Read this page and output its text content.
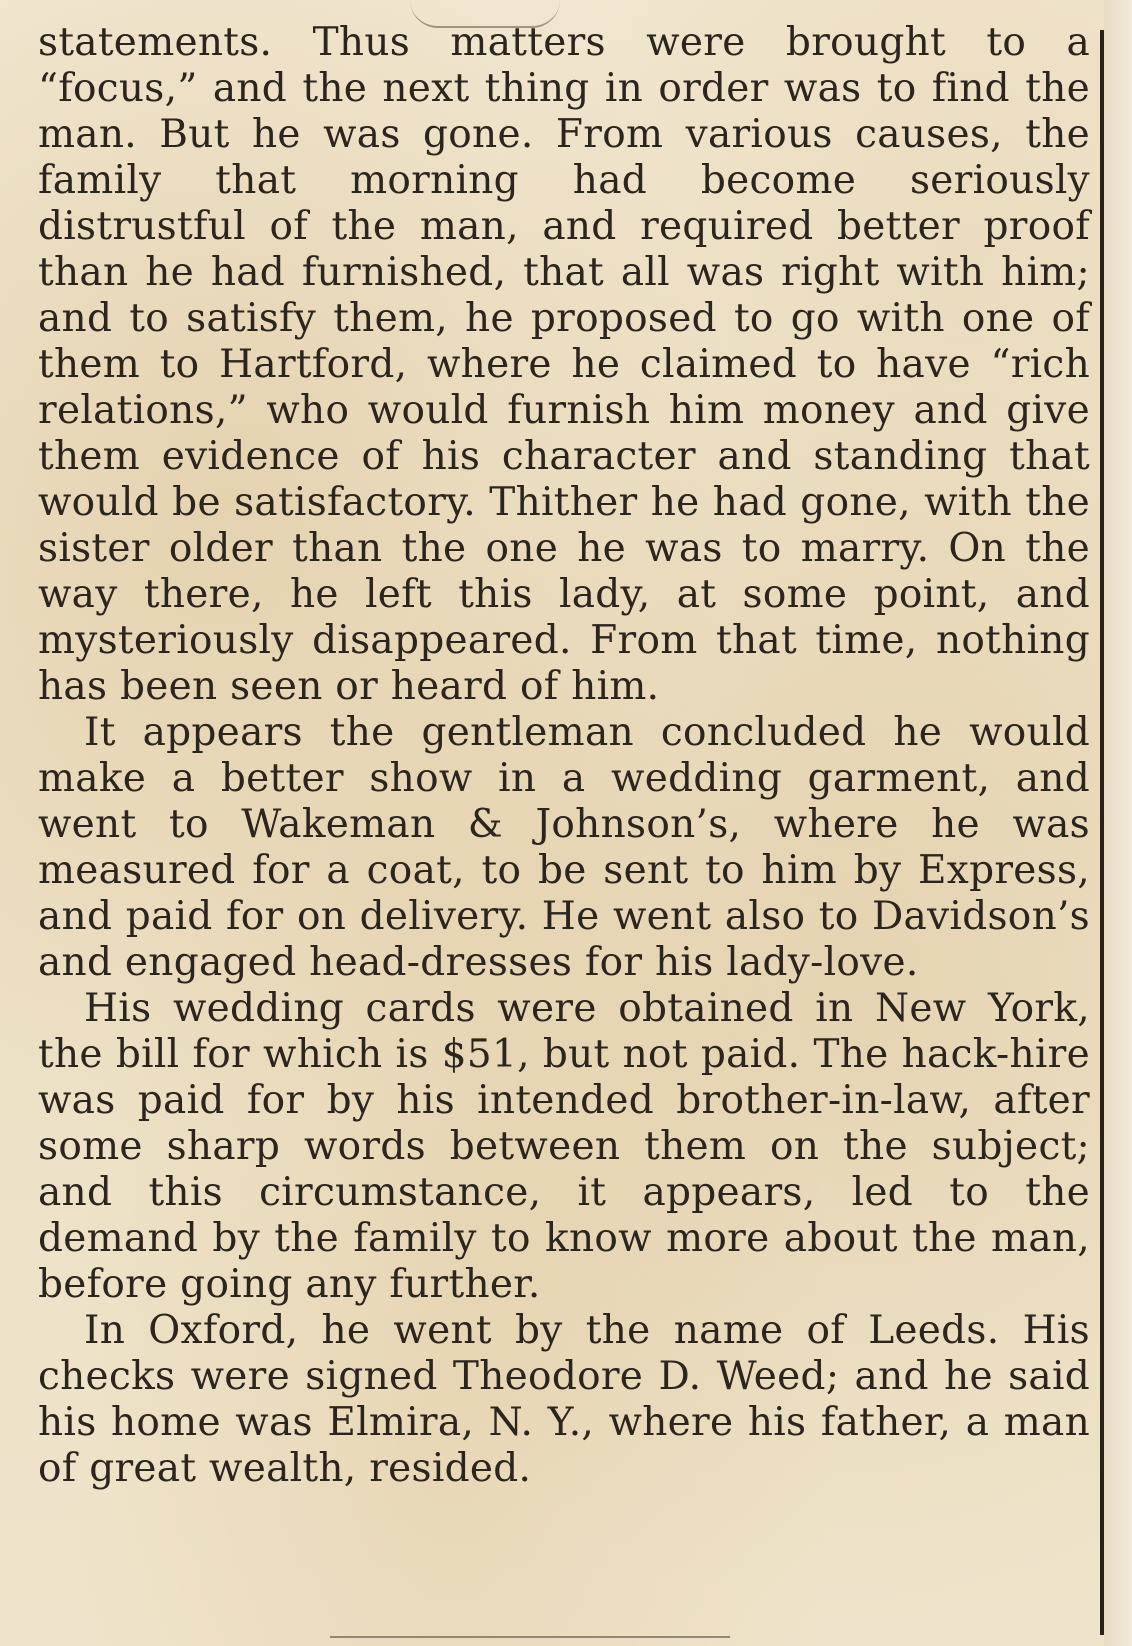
statements. Thus matters were brought to a “focus,” and the next thing in order was to find the man. But he was gone. From various causes, the family that morning had become seriously distrustful of the man, and required better proof than he had furnished, that all was right with him; and to satisfy them, he proposed to go with one of them to Hartford, where he claimed to have “rich relations,” who would furnish him money and give them evidence of his character and standing that would be satisfactory. Thither he had gone, with the sister older than the one he was to marry. On the way there, he left this lady, at some point, and mysteriously disappeared. From that time, nothing has been seen or heard of him.

It appears the gentleman concluded he would make a better show in a wedding garment, and went to Wakeman & Johnson’s, where he was measured for a coat, to be sent to him by Express, and paid for on delivery. He went also to Davidson’s and engaged head-dresses for his lady-love.

His wedding cards were obtained in New York, the bill for which is $51, but not paid. The hack-hire was paid for by his intended brother-in-law, after some sharp words between them on the subject; and this circumstance, it appears, led to the demand by the family to know more about the man, before going any further.

In Oxford, he went by the name of Leeds. His checks were signed Theodore D. Weed; and he said his home was Elmira, N. Y., where his father, a man of great wealth, resided.
